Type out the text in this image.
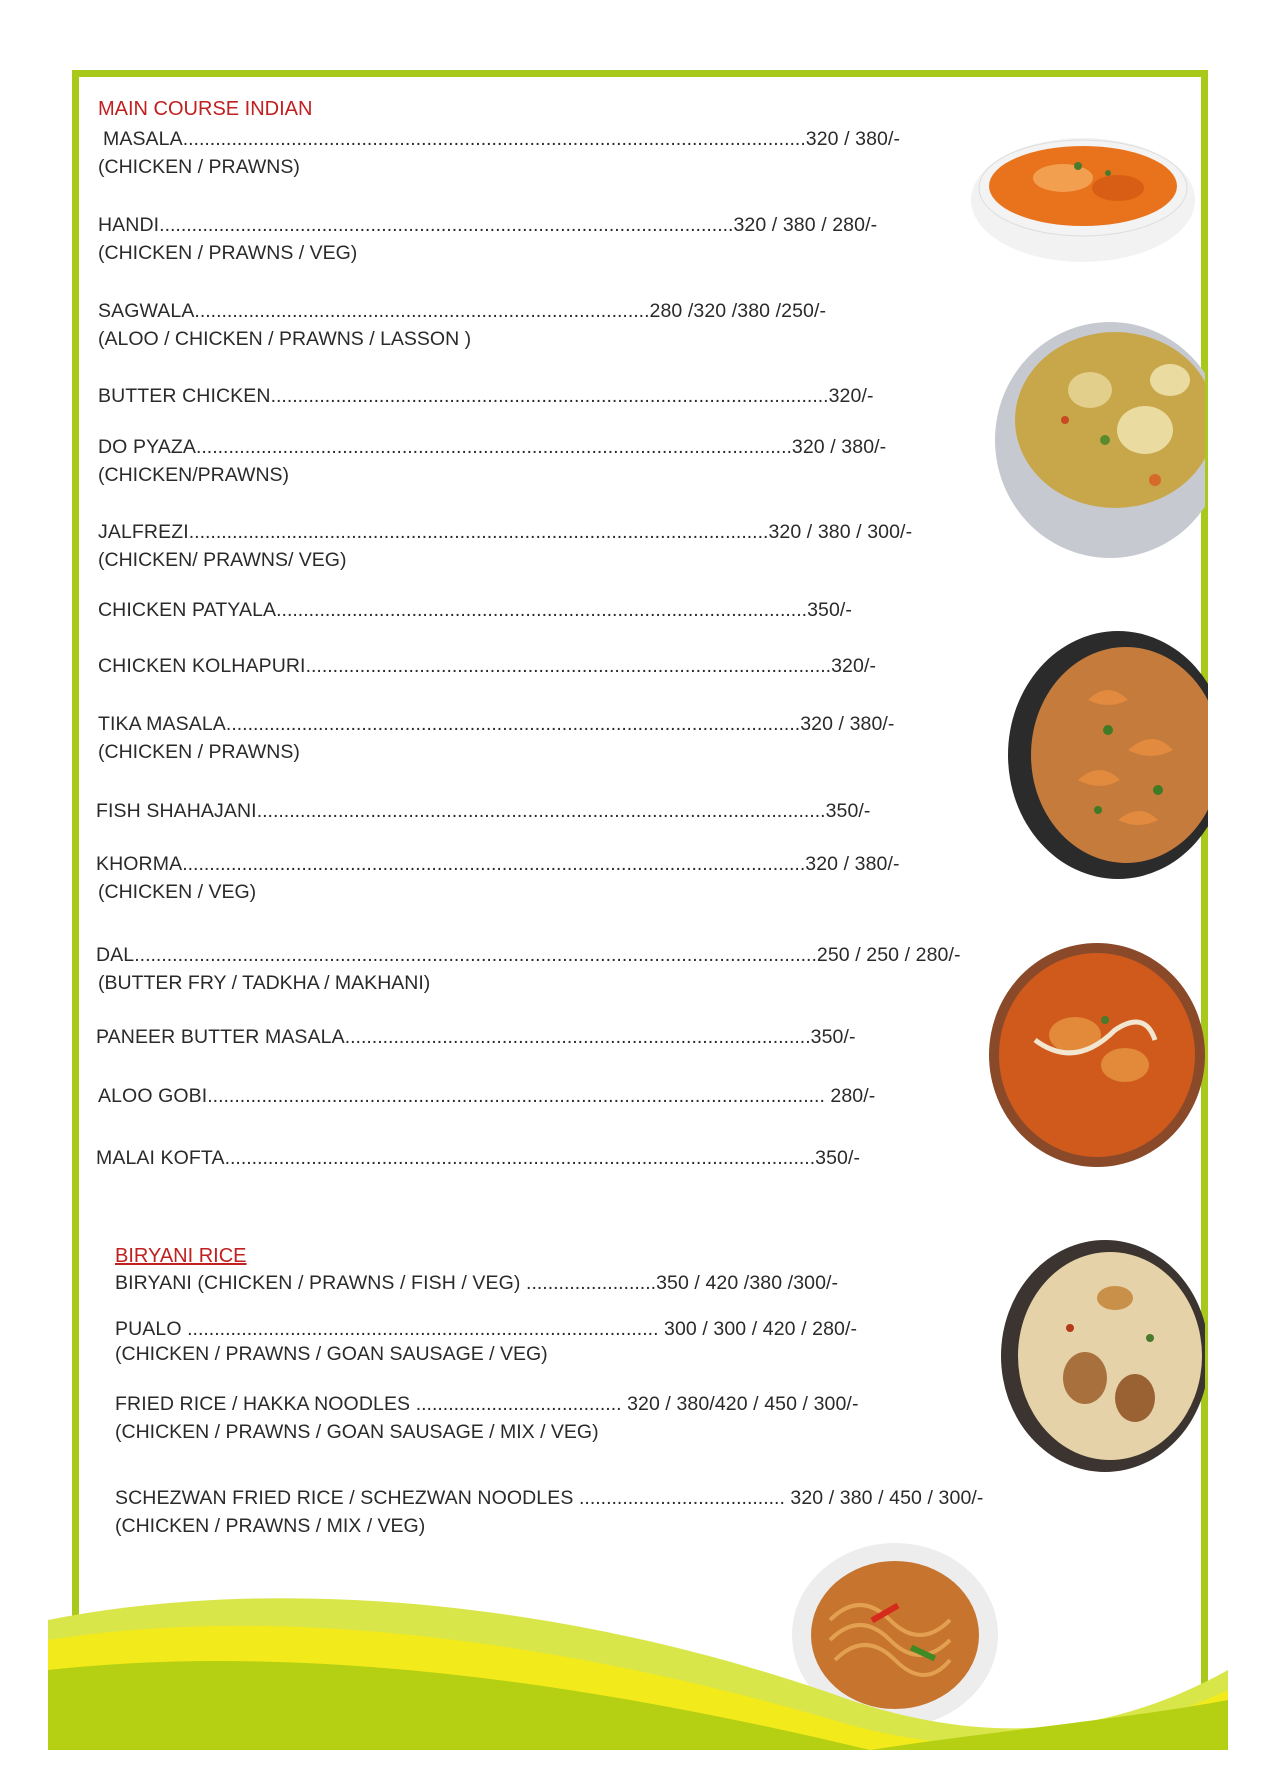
MAIN COURSE INDIAN
MASALA...................................................................................................................320 / 380/-
(CHICKEN / PRAWNS)
HANDI..........................................................................................................320 / 380 / 280/-
(CHICKEN / PRAWNS / VEG)
SAGWALA....................................................................................280 /320 /380 /250/-
(ALOO / CHICKEN / PRAWNS / LASSON )
BUTTER CHICKEN.......................................................................................................320/-
DO PYAZA..............................................................................................................320 / 380/-
(CHICKEN/PRAWNS)
JALFREZI...........................................................................................................320 / 380 / 300/-
(CHICKEN/ PRAWNS/ VEG)
CHICKEN PATYALA..................................................................................................350/-
CHICKEN KOLHAPURI.................................................................................................320/-
TIKA MASALA..........................................................................................................320 / 380/-
(CHICKEN / PRAWNS)
FISH SHAHAJANI.........................................................................................................350/-
KHORMA...................................................................................................................320 / 380/-
(CHICKEN / VEG)
DAL..............................................................................................................................250 / 250 / 280/-
(BUTTER FRY / TADKHA / MAKHANI)
PANEER BUTTER MASALA......................................................................................350/-
ALOO GOBI.................................................................................................................. 280/-
MALAI KOFTA.............................................................................................................350/-
BIRYANI RICE
BIRYANI (CHICKEN / PRAWNS / FISH / VEG) ........................350 / 420 /380 /300/-
PUALO ....................................................................................... 300 / 300 / 420 / 280/-
(CHICKEN / PRAWNS / GOAN SAUSAGE / VEG)
FRIED RICE / HAKKA NOODLES ...................................... 320 / 380/420 / 450 / 300/-
(CHICKEN / PRAWNS / GOAN SAUSAGE / MIX / VEG)
SCHEZWAN FRIED RICE / SCHEZWAN NOODLES ...................................... 320 / 380 / 450 / 300/-
(CHICKEN / PRAWNS / MIX / VEG)
